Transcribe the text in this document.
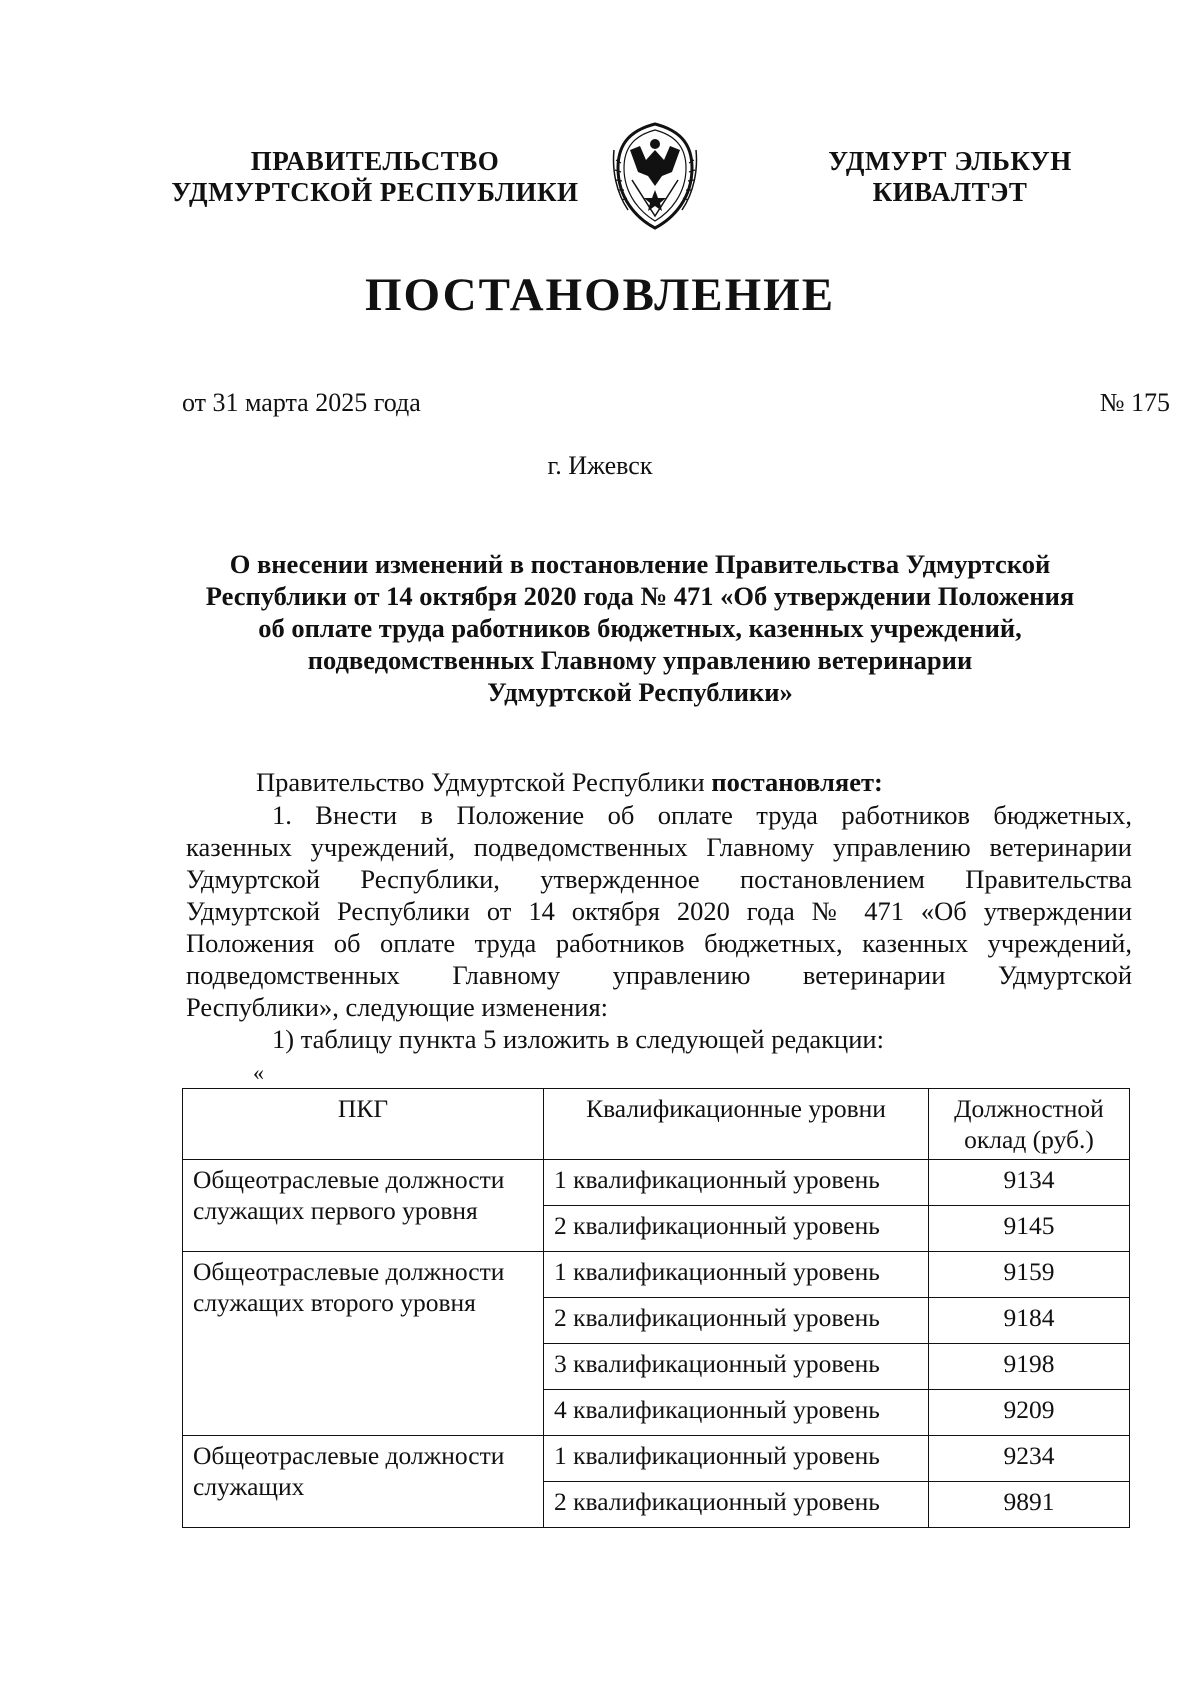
ПРАВИТЕЛЬСТВО
УДМУРТСКОЙ РЕСПУБЛИКИ
УДМУРТ ЭЛЬКУН
КИВАЛТЭТ
ПОСТАНОВЛЕНИЕ
от 31 марта 2025 года	№ 175
г. Ижевск
О внесении изменений в постановление Правительства Удмуртской
Республики от 14 октября 2020 года № 471 «Об утверждении Положения
об оплате труда работников бюджетных, казенных учреждений,
подведомственных Главному управлению ветеринарии
Удмуртской Республики»
Правительство Удмуртской Республики постановляет:
1. Внести в Положение об оплате труда работников бюджетных,
казенных учреждений, подведомственных Главному управлению ветеринарии
Удмуртской Республики, утвержденное постановлением Правительства
Удмуртской Республики от 14 октября 2020 года № 471 «Об утверждении
Положения об оплате труда работников бюджетных, казенных учреждений,
подведомственных Главному управлению ветеринарии Удмуртской
Республики», следующие изменения:
1) таблицу пункта 5 изложить в следующей редакции:
«
ПКГ	Квалификационные уровни	Должностной оклад (руб.)
Общеотраслевые должности служащих первого уровня	1 квалификационный уровень	9134
	2 квалификационный уровень	9145
Общеотраслевые должности служащих второго уровня	1 квалификационный уровень	9159
	2 квалификационный уровень	9184
	3 квалификационный уровень	9198
	4 квалификационный уровень	9209
Общеотраслевые должности служащих	1 квалификационный уровень	9234
	2 квалификационный уровень	9891
